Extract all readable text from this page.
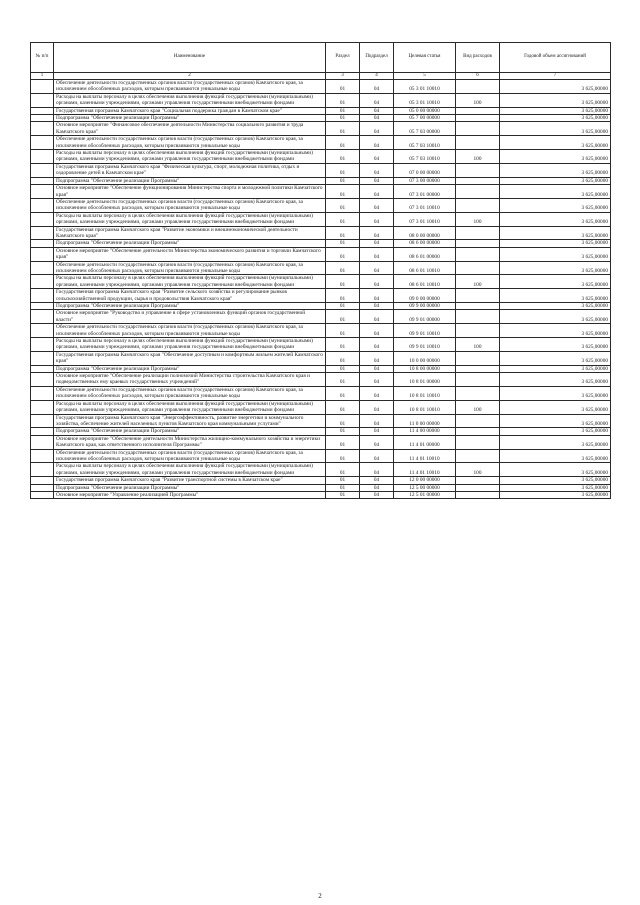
№ п/п	Наименование	Раздел	Подраздел	Целевая статья	Вид расходов	Годовой объем ассигнований
1	2	3	4	5	6	7
	Обеспечение деятельности государственных органов власти (государственных органов) Камчатского края, за исключением обособленных расходов, которым присваиваются уникальные коды	01	04	05 3 01 10010		3 625,00000
	Расходы на выплаты персоналу в целях обеспечения выполнения функций государственными (муниципальными) органами, казенными учреждениями, органами управления государственными внебюджетными фондами	01	04	05 3 01 10010	100	3 625,00000
	Государственная программа Камчатского края "Социальная поддержка граждан в Камчатском крае"	01	04	05 0 00 00000		3 625,00000
	Подпрограмма "Обеспечение реализации Программы"	01	04	05 7 00 00000		3 625,00000
	Основное мероприятие "Финансовое обеспечение деятельности Министерства социального развития и труда Камчатского края"	01	04	05 7 03 00000		3 625,00000
	Обеспечение деятельности государственных органов власти (государственных органов) Камчатского края, за исключением обособленных расходов, которым присваиваются уникальные коды	01	04	05 7 03 10010		3 625,00000
	Расходы на выплаты персоналу в целях обеспечения выполнения функций государственными (муниципальными) органами, казенными учреждениями, органами управления государственными внебюджетными фондами	01	04	05 7 03 10010	100	3 625,00000
	Государственная программа Камчатского края "Физическая культура, спорт, молодежная политика, отдых и оздоровление детей в Камчатском крае"	01	04	07 0 00 00000		3 625,00000
	Подпрограмма "Обеспечение реализации Программы"	01	04	07 3 00 00000		3 625,00000
	Основное мероприятие "Обеспечение функционирования Министерства спорта и молодежной политики Камчатского края"	01	04	07 3 01 00000		3 625,00000
	Обеспечение деятельности государственных органов власти (государственных органов) Камчатского края, за исключением обособленных расходов, которым присваиваются уникальные коды	01	04	07 3 01 10010		3 625,00000
	Расходы на выплаты персоналу в целях обеспечения выполнения функций государственными (муниципальными) органами, казенными учреждениями, органами управления государственными внебюджетными фондами	01	04	07 3 01 10010	100	3 625,00000
	Государственная программа Камчатского края "Развитие экономики и внешнеэкономической деятельности Камчатского края"	01	04	08 0 00 00000		3 625,00000
	Подпрограмма "Обеспечение реализации Программы"	01	04	08 6 00 00000		3 625,00000
	Основное мероприятие "Обеспечение деятельности Министерства экономического развития и торговли Камчатского края"	01	04	08 6 01 00000		3 625,00000
	Обеспечение деятельности государственных органов власти (государственных органов) Камчатского края, за исключением обособленных расходов, которым присваиваются уникальные коды	01	04	08 6 01 10010		3 625,00000
	Расходы на выплаты персоналу в целях обеспечения выполнения функций государственными (муниципальными) органами, казенными учреждениями, органами управления государственными внебюджетными фондами	01	04	08 6 01 10010	100	3 625,00000
	Государственная программа Камчатского края "Развитие сельского хозяйства и регулирование рынков сельскохозяйственной продукции, сырья и продовольствия Камчатского края"	01	04	09 0 00 00000		3 625,00000
	Подпрограмма "Обеспечение реализации Программы"	01	04	09 9 00 00000		3 625,00000
	Основное мероприятие "Руководство и управление в сфере установленных функций органов государственной власти"	01	04	09 9 01 00000		3 625,00000
	Обеспечение деятельности государственных органов власти (государственных органов) Камчатского края, за исключением обособленных расходов, которым присваиваются уникальные коды	01	04	09 9 01 10010		3 625,00000
	Расходы на выплаты персоналу в целях обеспечения выполнения функций государственными (муниципальными) органами, казенными учреждениями, органами управления государственными внебюджетными фондами	01	04	09 9 01 10010	100	3 625,00000
	Государственная программа Камчатского края "Обеспечение доступным и комфортным жильем жителей Камчатского края"	01	04	10 0 00 00000		3 625,00000
	Подпрограмма "Обеспечение реализации Программы"	01	04	10 8 00 00000		3 625,00000
	Основное мероприятие "Обеспечение реализации полномочий Министерства строительства Камчатского края и подведомственных ему краевых государственных учреждений"	01	04	10 8 01 00000		3 625,00000
	Обеспечение деятельности государственных органов власти (государственных органов) Камчатского края, за исключением обособленных расходов, которым присваиваются уникальные коды	01	04	10 8 01 10010		3 625,00000
	Расходы на выплаты персоналу в целях обеспечения выполнения функций государственными (муниципальными) органами, казенными учреждениями, органами управления государственными внебюджетными фондами	01	04	10 8 01 10010	100	3 625,00000
	Государственная программа Камчатского края "Энергоэффективность, развитие энергетики и коммунального хозяйства, обеспечение жителей населенных пунктов Камчатского края коммунальными услугами"	01	04	11 0 00 00000		3 625,00000
	Подпрограмма "Обеспечение реализации Программы"	01	04	11 4 00 00000		3 625,00000
	Основное мероприятие "Обеспечение деятельности Министерства жилищно-коммунального хозяйства и энергетики Камчатского края, как ответственного исполнителя Программы"	01	04	11 4 01 00000		3 625,00000
	Обеспечение деятельности государственных органов власти (государственных органов) Камчатского края, за исключением обособленных расходов, которым присваиваются уникальные коды	01	04	11 4 01 10010		3 625,00000
	Расходы на выплаты персоналу в целях обеспечения выполнения функций государственными (муниципальными) органами, казенными учреждениями, органами управления государственными внебюджетными фондами	01	04	11 4 01 10010	100	3 625,00000
	Государственная программа Камчатского края "Развитие транспортной системы в Камчатском крае"	01	04	12 0 00 00000		3 625,00000
	Подпрограмма "Обеспечение реализации Программы"	01	04	12 5 00 00000		3 625,00000
	Основное мероприятие "Управление реализацией Программы"	01	04	12 5 01 00000		3 625,00000
2
